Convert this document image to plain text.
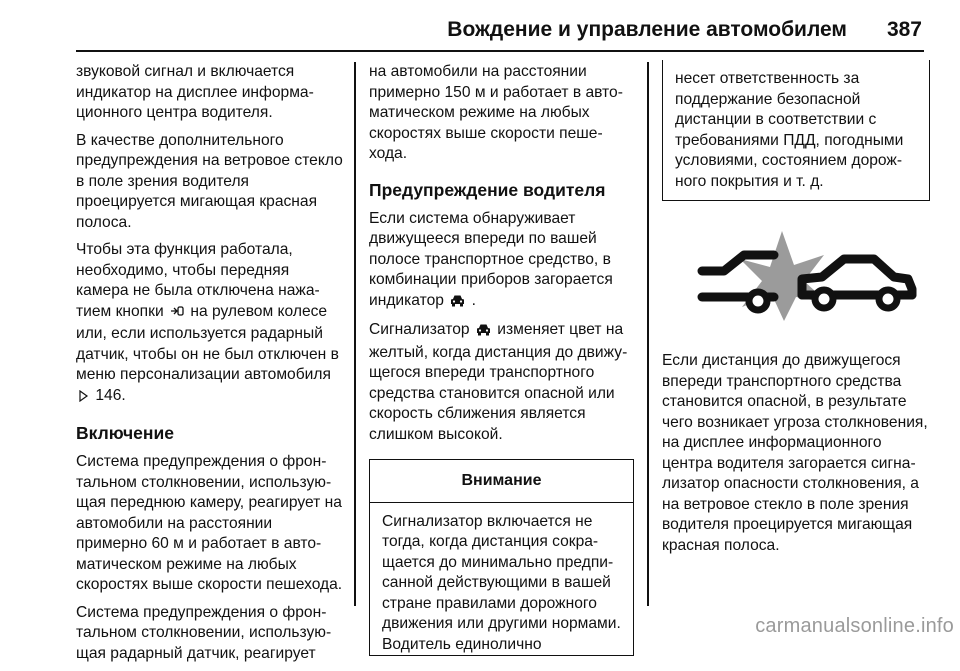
Вождение и управление автомобилем 387

звуковой сигнал и включается индикатор на дисплее информационного центра водителя.

В качестве дополнительного предупреждения на ветровое стекло в поле зрения водителя проецируется мигающая красная полоса.

Чтобы эта функция работала, необходимо, чтобы передняя камера не была отключена нажатием кнопки на рулевом колесе или, если используется радарный датчик, чтобы он не был отключен в меню персонализации автомобиля  146.

Включение

Система предупреждения о фронтальном столкновении, использующая переднюю камеру, реагирует на автомобили на расстоянии примерно 60 м и работает в автоматическом режиме на любых скоростях выше скорости пешехода.

Система предупреждения о фронтальном столкновении, использующая радарный датчик, реагирует

на автомобили на расстоянии примерно 150 м и работает в автоматическом режиме на любых скоростях выше скорости пешехода.

Предупреждение водителя

Если система обнаруживает движущееся впереди по вашей полосе транспортное средство, в комбинации приборов загорается индикатор .

Сигнализатор изменяет цвет на желтый, когда дистанция до движущегося впереди транспортного средства становится опасной или скорость сближения является слишком высокой.

Внимание
Сигнализатор включается не тогда, когда дистанция сокращается до минимально предписанной действующими в вашей стране правилами дорожного движения или другими нормами. Водитель единолично
несет ответственность за поддержание безопасной дистанции в соответствии с требованиями ПДД, погодными условиями, состоянием дорожного покрытия и т. д.

Если дистанция до движущегося впереди транспортного средства становится опасной, в результате чего возникает угроза столкновения, на дисплее информационного центра водителя загорается сигнализатор опасности столкновения, а на ветровое стекло в поле зрения водителя проецируется мигающая красная полоса.

carmanualsonline.info
